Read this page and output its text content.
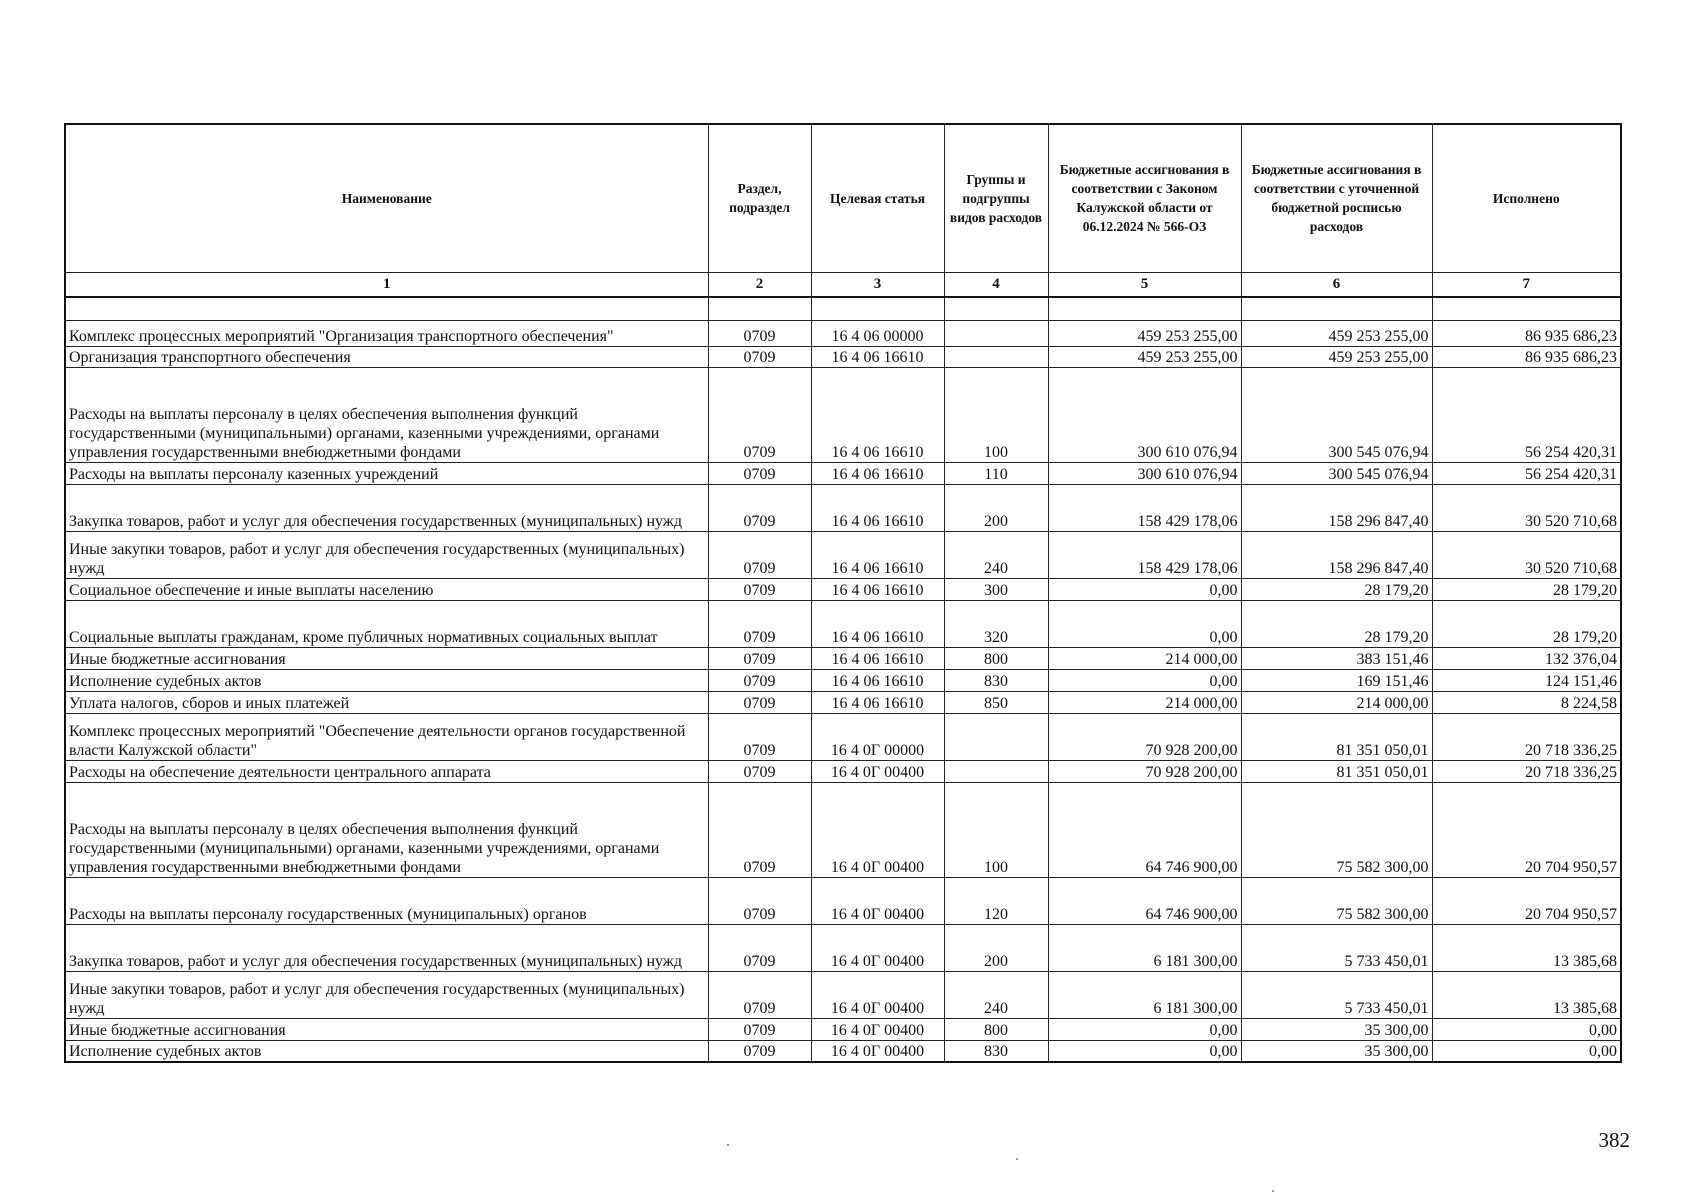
Наименование	Раздел, подраздел	Целевая статья	Группы и подгруппы видов расходов	Бюджетные ассигнования в соответствии с Законом Калужской области от 06.12.2024 № 566-ОЗ	Бюджетные ассигнования в соответствии с уточненной бюджетной росписью расходов	Исполнено
1	2	3	4	5	6	7

Комплекс процессных мероприятий "Организация транспортного обеспечения"	0709	16 4 06 00000		459 253 255,00	459 253 255,00	86 935 686,23
Организация транспортного обеспечения	0709	16 4 06 16610		459 253 255,00	459 253 255,00	86 935 686,23
Расходы на выплаты персоналу в целях обеспечения выполнения функций государственными (муниципальными) органами, казенными учреждениями, органами управления государственными внебюджетными фондами	0709	16 4 06 16610	100	300 610 076,94	300 545 076,94	56 254 420,31
Расходы на выплаты персоналу казенных учреждений	0709	16 4 06 16610	110	300 610 076,94	300 545 076,94	56 254 420,31
Закупка товаров, работ и услуг для обеспечения государственных (муниципальных) нужд	0709	16 4 06 16610	200	158 429 178,06	158 296 847,40	30 520 710,68
Иные закупки товаров, работ и услуг для обеспечения государственных (муниципальных) нужд	0709	16 4 06 16610	240	158 429 178,06	158 296 847,40	30 520 710,68
Социальное обеспечение и иные выплаты населению	0709	16 4 06 16610	300	0,00	28 179,20	28 179,20
Социальные выплаты гражданам, кроме публичных нормативных социальных выплат	0709	16 4 06 16610	320	0,00	28 179,20	28 179,20
Иные бюджетные ассигнования	0709	16 4 06 16610	800	214 000,00	383 151,46	132 376,04
Исполнение судебных актов	0709	16 4 06 16610	830	0,00	169 151,46	124 151,46
Уплата налогов, сборов и иных платежей	0709	16 4 06 16610	850	214 000,00	214 000,00	8 224,58
Комплекс процессных мероприятий "Обеспечение деятельности органов государственной власти Калужской области"	0709	16 4 0Г 00000		70 928 200,00	81 351 050,01	20 718 336,25
Расходы на обеспечение деятельности центрального аппарата	0709	16 4 0Г 00400		70 928 200,00	81 351 050,01	20 718 336,25
Расходы на выплаты персоналу в целях обеспечения выполнения функций государственными (муниципальными) органами, казенными учреждениями, органами управления государственными внебюджетными фондами	0709	16 4 0Г 00400	100	64 746 900,00	75 582 300,00	20 704 950,57
Расходы на выплаты персоналу государственных (муниципальных) органов	0709	16 4 0Г 00400	120	64 746 900,00	75 582 300,00	20 704 950,57
Закупка товаров, работ и услуг для обеспечения государственных (муниципальных) нужд	0709	16 4 0Г 00400	200	6 181 300,00	5 733 450,01	13 385,68
Иные закупки товаров, работ и услуг для обеспечения государственных (муниципальных) нужд	0709	16 4 0Г 00400	240	6 181 300,00	5 733 450,01	13 385,68
Иные бюджетные ассигнования	0709	16 4 0Г 00400	800	0,00	35 300,00	0,00
Исполнение судебных актов	0709	16 4 0Г 00400	830	0,00	35 300,00	0,00
382
